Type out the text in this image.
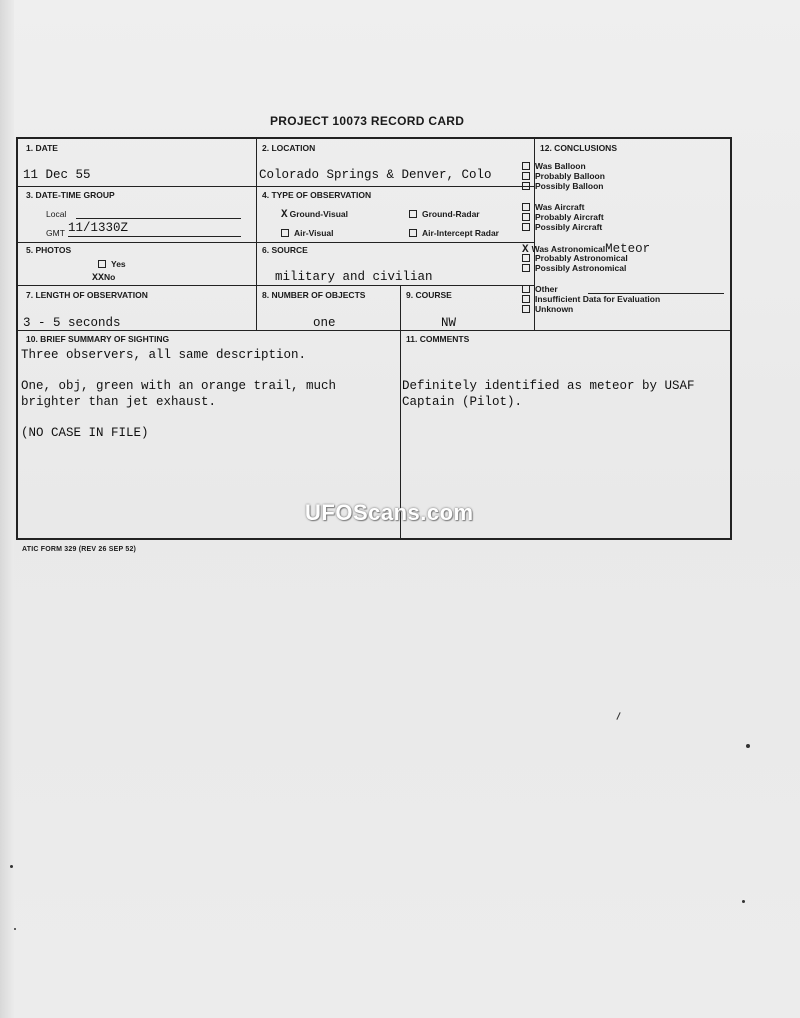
PROJECT 10073 RECORD CARD
1. DATE
11 Dec 55
2. LOCATION
Colorado Springs & Denver, Colo
3. DATE-TIME GROUP
Local
GMT 11/1330Z
4. TYPE OF OBSERVATION
X Ground-Visual	Ground-Radar
Air-Visual	Air-Intercept Radar
5. PHOTOS
Yes
XXNo
6. SOURCE
military and civilian
7. LENGTH OF OBSERVATION
3 - 5 seconds
8. NUMBER OF OBJECTS
one
9. COURSE
NW
12. CONCLUSIONS
10. BRIEF SUMMARY OF SIGHTING
Three observers, all same description.
One, obj, green with an orange trail, much
brighter than jet exhaust.
(NO CASE IN FILE)
11. COMMENTS
Definitely identified as meteor by USAF
Captain (Pilot).
Was Balloon
Probably Balloon
Possibly Balloon
Was Aircraft
Probably Aircraft
Possibly Aircraft
X Was AstronomicalMeteor
Probably Astronomical
Possibly Astronomical
Other
Insufficient Data for Evaluation
Unknown
ATIC FORM 329 (REV 26 SEP 52)
UFOScans.com
